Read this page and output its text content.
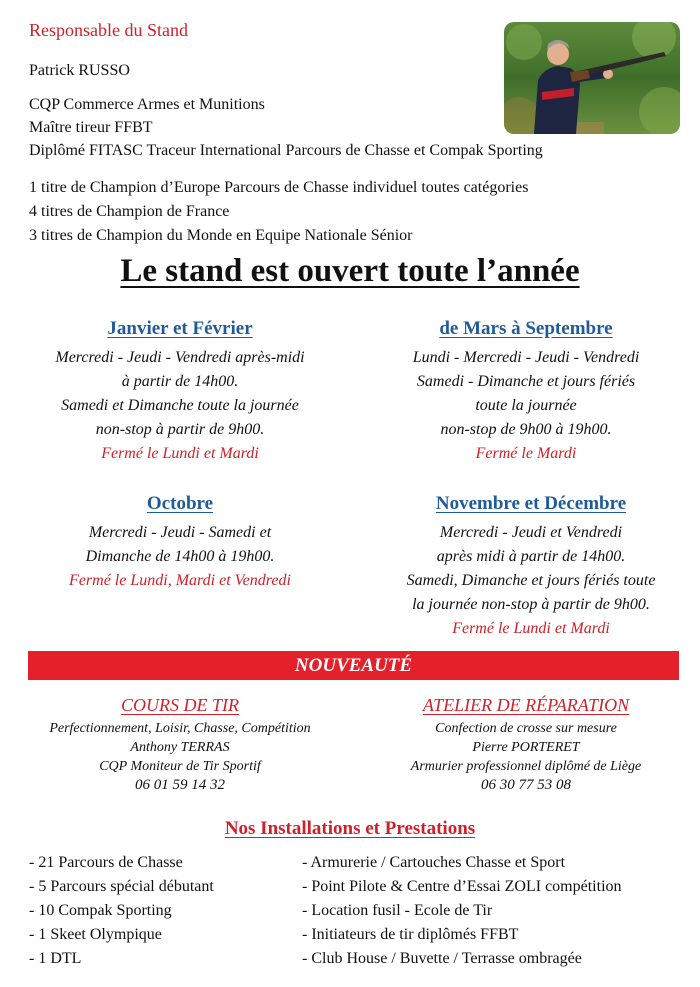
Responsable du Stand
Patrick RUSSO
CQP Commerce Armes et Munitions
Maître tireur FFBT
Diplômé FITASC Traceur International Parcours de Chasse et Compak Sporting
1 titre de Champion d’Europe Parcours de Chasse individuel toutes catégories
4 titres de Champion de France
3 titres de Champion du Monde en Equipe Nationale Sénior
Le stand est ouvert toute l’année
Janvier et Février
Mercredi - Jeudi - Vendredi après-midi
à partir de 14h00.
Samedi et Dimanche toute la journée
non-stop à partir de 9h00.
Fermé le Lundi et Mardi
de Mars à Septembre
Lundi - Mercredi - Jeudi - Vendredi
Samedi - Dimanche et jours fériés
toute la journée
non-stop de 9h00 à 19h00.
Fermé le Mardi
Octobre
Mercredi - Jeudi - Samedi et
Dimanche de 14h00 à 19h00.
Fermé le Lundi, Mardi et Vendredi
Novembre et Décembre
Mercredi - Jeudi et Vendredi
après midi à partir de 14h00.
Samedi, Dimanche et jours fériés toute
la journée non-stop à partir de 9h00.
Fermé le Lundi et Mardi
NOUVEAUTÉ
COURS DE TIR
Perfectionnement, Loisir, Chasse, Compétition
Anthony TERRAS
CQP Moniteur de Tir Sportif
06 01 59 14 32
ATELIER DE RÉPARATION
Confection de crosse sur mesure
Pierre PORTERET
Armurier professionnel diplômé de Liège
06 30 77 53 08
Nos Installations et Prestations
- 21 Parcours de Chasse
- 5 Parcours spécial débutant
- 10 Compak Sporting
- 1 Skeet Olympique
- 1 DTL
- Armurerie / Cartouches Chasse et Sport
- Point Pilote & Centre d’Essai ZOLI compétition
- Location fusil - Ecole de Tir
- Initiateurs de tir diplômés FFBT
- Club House / Buvette / Terrasse ombragée
